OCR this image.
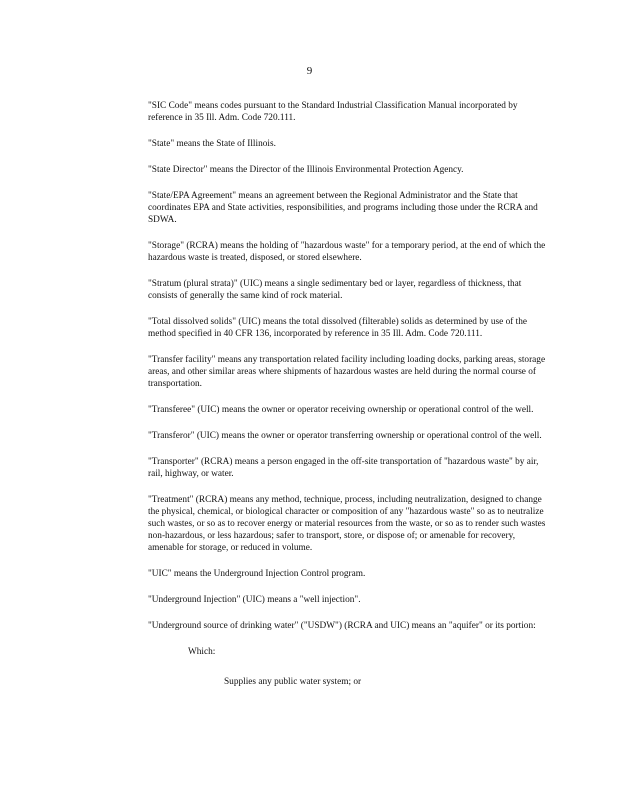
9

"SIC Code" means codes pursuant to the Standard Industrial Classification Manual incorporated by reference in 35 Ill. Adm. Code 720.111.

"State" means the State of Illinois.

"State Director" means the Director of the Illinois Environmental Protection Agency.

"State/EPA Agreement" means an agreement between the Regional Administrator and the State that coordinates EPA and State activities, responsibilities, and programs including those under the RCRA and SDWA.

"Storage" (RCRA) means the holding of "hazardous waste" for a temporary period, at the end of which the hazardous waste is treated, disposed, or stored elsewhere.

"Stratum (plural strata)" (UIC) means a single sedimentary bed or layer, regardless of thickness, that consists of generally the same kind of rock material.

"Total dissolved solids" (UIC) means the total dissolved (filterable) solids as determined by use of the method specified in 40 CFR 136, incorporated by reference in 35 Ill. Adm. Code 720.111.

"Transfer facility" means any transportation related facility including loading docks, parking areas, storage areas, and other similar areas where shipments of hazardous wastes are held during the normal course of transportation.

"Transferee" (UIC) means the owner or operator receiving ownership or operational control of the well.

"Transferor" (UIC) means the owner or operator transferring ownership or operational control of the well.

"Transporter" (RCRA) means a person engaged in the off-site transportation of "hazardous waste" by air, rail, highway, or water.

"Treatment" (RCRA) means any method, technique, process, including neutralization, designed to change the physical, chemical, or biological character or composition of any "hazardous waste" so as to neutralize such wastes, or so as to recover energy or material resources from the waste, or so as to render such wastes non-hazardous, or less hazardous; safer to transport, store, or dispose of; or amenable for recovery, amenable for storage, or reduced in volume.

"UIC" means the Underground Injection Control program.

"Underground Injection" (UIC) means a "well injection".

"Underground source of drinking water" ("USDW") (RCRA and UIC) means an "aquifer" or its portion:

Which:

Supplies any public water system; or
